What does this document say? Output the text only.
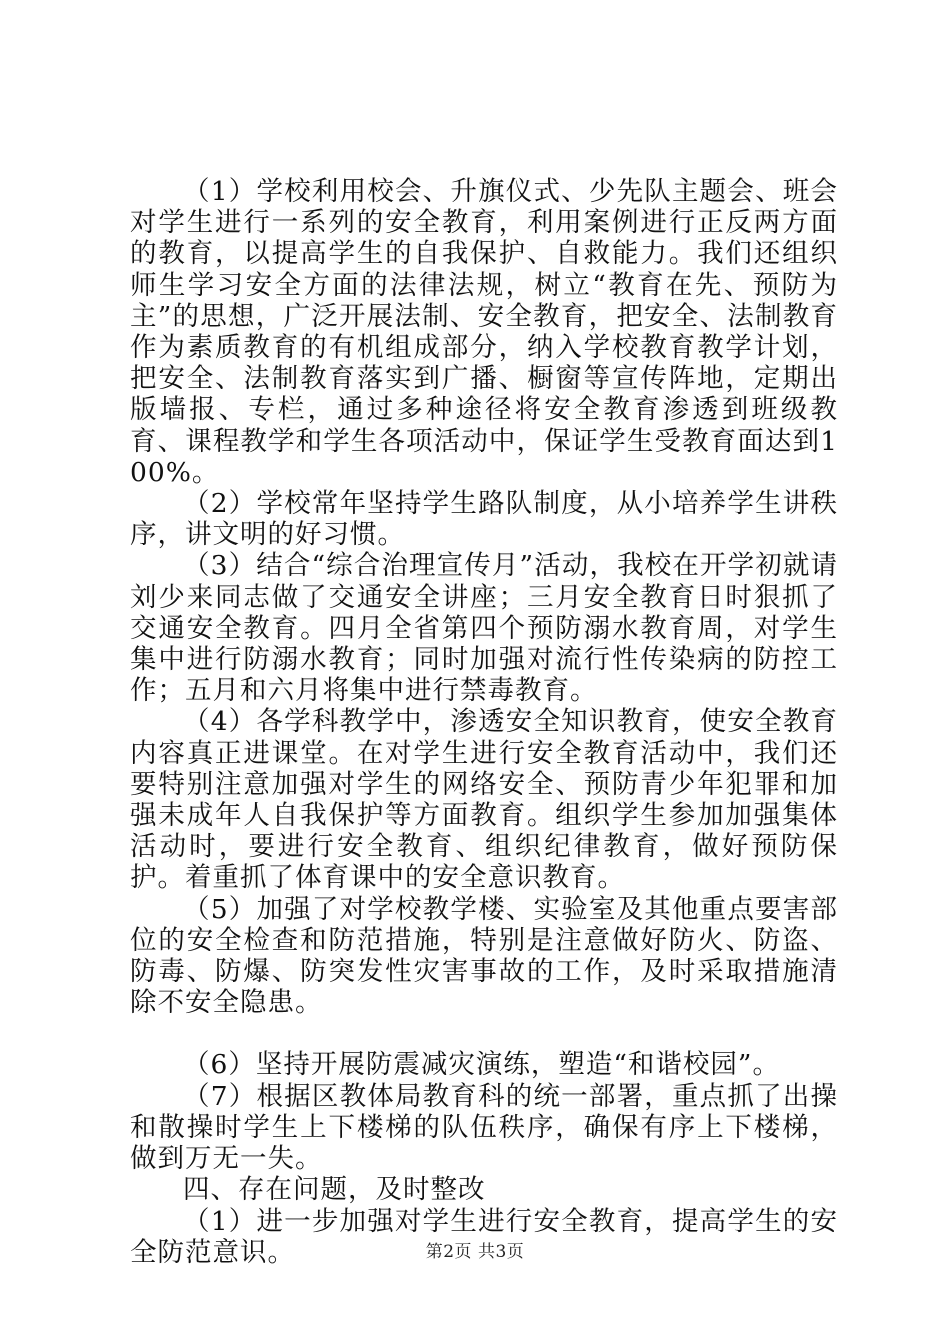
（1）学校利用校会、升旗仪式、少先队主题会、班会对学生进行一系列的安全教育，利用案例进行正反两方面的教育，以提高学生的自我保护、自救能力。我们还组织师生学习安全方面的法律法规，树立“教育在先、预防为主”的思想，广泛开展法制、安全教育，把安全、法制教育作为素质教育的有机组成部分，纳入学校教育教学计划，把安全、法制教育落实到广播、橱窗等宣传阵地，定期出版墙报、专栏，通过多种途径将安全教育渗透到班级教育、课程教学和学生各项活动中，保证学生受教育面达到100%。

（2）学校常年坚持学生路队制度，从小培养学生讲秩序，讲文明的好习惯。

（3）结合“综合治理宣传月”活动，我校在开学初就请刘少来同志做了交通安全讲座；三月安全教育日时狠抓了交通安全教育。四月全省第四个预防溺水教育周，对学生集中进行防溺水教育；同时加强对流行性传染病的防控工作；五月和六月将集中进行禁毒教育。

（4）各学科教学中，渗透安全知识教育，使安全教育内容真正进课堂。在对学生进行安全教育活动中，我们还要特别注意加强对学生的网络安全、预防青少年犯罪和加强未成年人自我保护等方面教育。组织学生参加加强集体活动时，要进行安全教育、组织纪律教育，做好预防保护。着重抓了体育课中的安全意识教育。

（5）加强了对学校教学楼、实验室及其他重点要害部位的安全检查和防范措施，特别是注意做好防火、防盗、防毒、防爆、防突发性灾害事故的工作，及时采取措施清除不安全隐患。

（6）坚持开展防震减灾演练，塑造“和谐校园”。

（7）根据区教体局教育科的统一部署，重点抓了出操和散操时学生上下楼梯的队伍秩序，确保有序上下楼梯，做到万无一失。

四、存在问题，及时整改

（1）进一步加强对学生进行安全教育，提高学生的安全防范意识。	第2页 共3页
